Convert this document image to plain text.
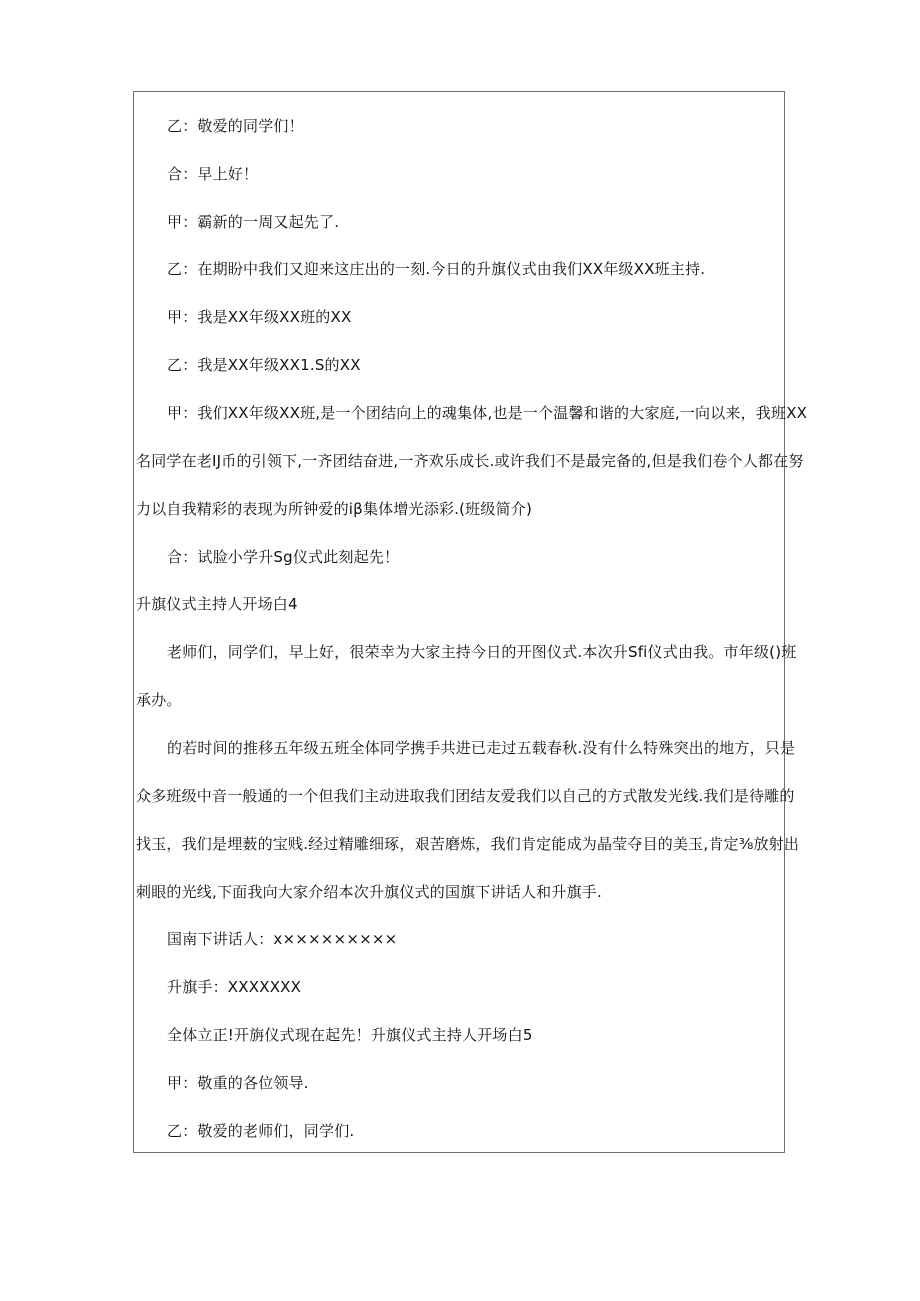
乙：敬爱的同学们！
合：早上好！
甲：霸新的一周又起先了.
乙：在期盼中我们又迎来这庄出的一刻.今日的升旗仪式由我们XX年级XX班主持.
甲：我是XX年级XX班的XX
乙：我是XX年级XX1.S的XX
甲：我们XX年级XX班,是一个团结向上的魂集体,也是一个温馨和谐的大家庭,一向以来，我班XX
名同学在老IJ币的引领下,一齐团结奋进,一齐欢乐成长.或许我们不是最完备的,但是我们卷个人都在努
力以自我精彩的表现为所钟爱的iβ集体增光添彩.(班级简介)
合：试脸小学升Sg仪式此刻起先！
升旗仪式主持人开场白4
老师们，同学们，早上好，很荣幸为大家主持今日的开图仪式.本次升Sfi仪式由我。市年级()班
承办。
的若时间的推移五年级五班全体同学携手共进已走过五载春秋.没有什么特殊突出的地方，只是
众多班级中音一般通的一个但我们主动进取我们团结友爱我们以自己的方式散发光线.我们是待雕的
找玉，我们是埋薮的宝贱.经过精雕细琢，艰苦磨炼，我们肯定能成为晶莹夺目的美玉,肯定⅜放射出
刺眼的光线,下面我向大家介绍本次升旗仪式的国旗下讲话人和升旗手.
国南下讲话人：x×××××××××
升旗手：XXXXXXX
全体立正!开旃仪式现在起先！升旗仪式主持人开场白5
甲：敬重的各位领导.
乙：敬爱的老师们，同学们.
